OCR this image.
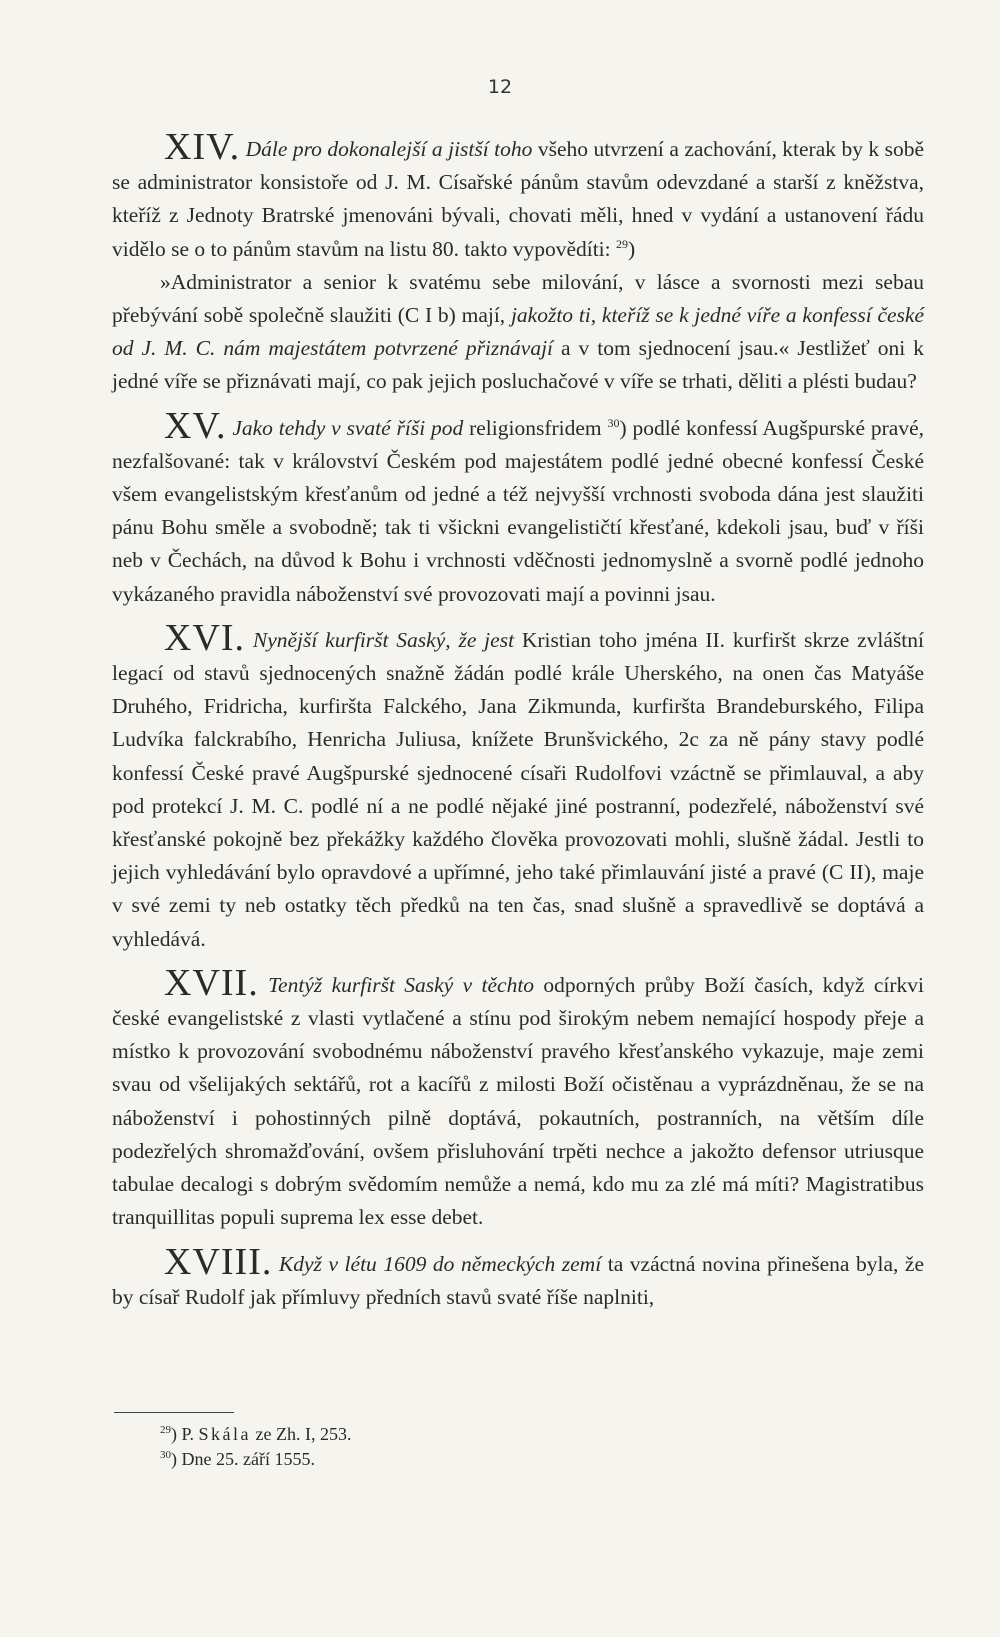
12

XIV. Dále pro dokonalejší a jistší toho všeho utvrzení a zachování, kterak by k sobě se administrator konsistoře od J. M. Císařské pánům stavům odevzdané a starší z kněžstva, kteříž z Jednoty Bratrské jmenováni bývali, chovati měli, hned v vydání a ustanovení řádu vidělo se o to pánům stavům na listu 80. takto vypovědíti: $^{29}$)

»Administrator a senior k svatému sebe milování, v lásce a svornosti mezi sebau přebývání sobě společně slaužiti (C I b) mají, jakožto ti, kteříž se k jedné víře a konfessí české od J. M. C. nám majestátem potvrzené přiznávají a v tom sjednocení jsau.« Jestližeť oni k jedné víře se přiznávati mají, co pak jejich posluchačové v víře se trhati, děliti a plésti budau?

XV. Jako tehdy v svaté říši pod religionsfridem $^{30}$) podlé konfessí Augšpurské pravé, nezfalšované: tak v království Českém pod majestátem podlé jedné obecné konfessí České všem evangelistským křesťanům od jedné a též nejvyšší vrchnosti svoboda dána jest slaužiti pánu Bohu směle a svobodně; tak ti všickni evangelističtí křesťané, kdekoli jsau, buď v říši neb v Čechách, na důvod k Bohu i vrchnosti vděčnosti jednomyslně a svorně podlé jednoho vykázaného pravidla náboženství své provozovati mají a povinni jsau.

XVI. Nynější kurfiršt Saský, že jest Kristian toho jména II. kurfiršt skrze zvláštní legací od stavů sjednocených snažně žádán podlé krále Uherského, na onen čas Matyáše Druhého, Fridricha, kurfiršta Falckého, Jana Zikmunda, kurfiršta Brandeburského, Filipa Ludvíka falckrabího, Henricha Juliusa, knížete Brunšvického, 2c za ně pány stavy podlé konfessí České pravé Augšpurské sjednocené císaři Rudolfovi vzáctně se přimlauval, a aby pod protekcí J. M. C. podlé ní a ne podlé nějaké jiné postranní, podezřelé, náboženství své křesťanské pokojně bez překážky každého člověka provozovati mohli, slušně žádal. Jestli to jejich vyhledávání bylo opravdové a upřímné, jeho také přimlauvání jisté a pravé (C II), maje v své zemi ty neb ostatky těch předků na ten čas, snad slušně a spravedlivě se doptává a vyhledává.

XVII. Tentýž kurfiršt Saský v těchto odporných průby Boží časích, když církvi české evangelistské z vlasti vytlačené a stínu pod širokým nebem nemající hospody přeje a místko k provozování svobodnému náboženství pravého křesťanského vykazuje, maje zemi svau od všelijakých sektářů, rot a kacířů z milosti Boží očistěnau a vyprázdněnau, že se na náboženství i pohostinných pilně doptává, pokautních, postranních, na větším díle podezřelých shromažďování, ovšem přisluhování trpěti nechce a jakožto defensor utriusque tabulae decalogi s dobrým svědomím nemůže a nemá, kdo mu za zlé má míti? Magistratibus tranquillitas populi suprema lex esse debet.

XVIII. Když v létu 1609 do německých zemí ta vzáctná novina přinešena byla, že by císař Rudolf jak přímluvy předních stavů svaté říše naplniti,

$^{29}$) P. Skála ze Zh. I, 253.
$^{30}$) Dne 25. září 1555.
